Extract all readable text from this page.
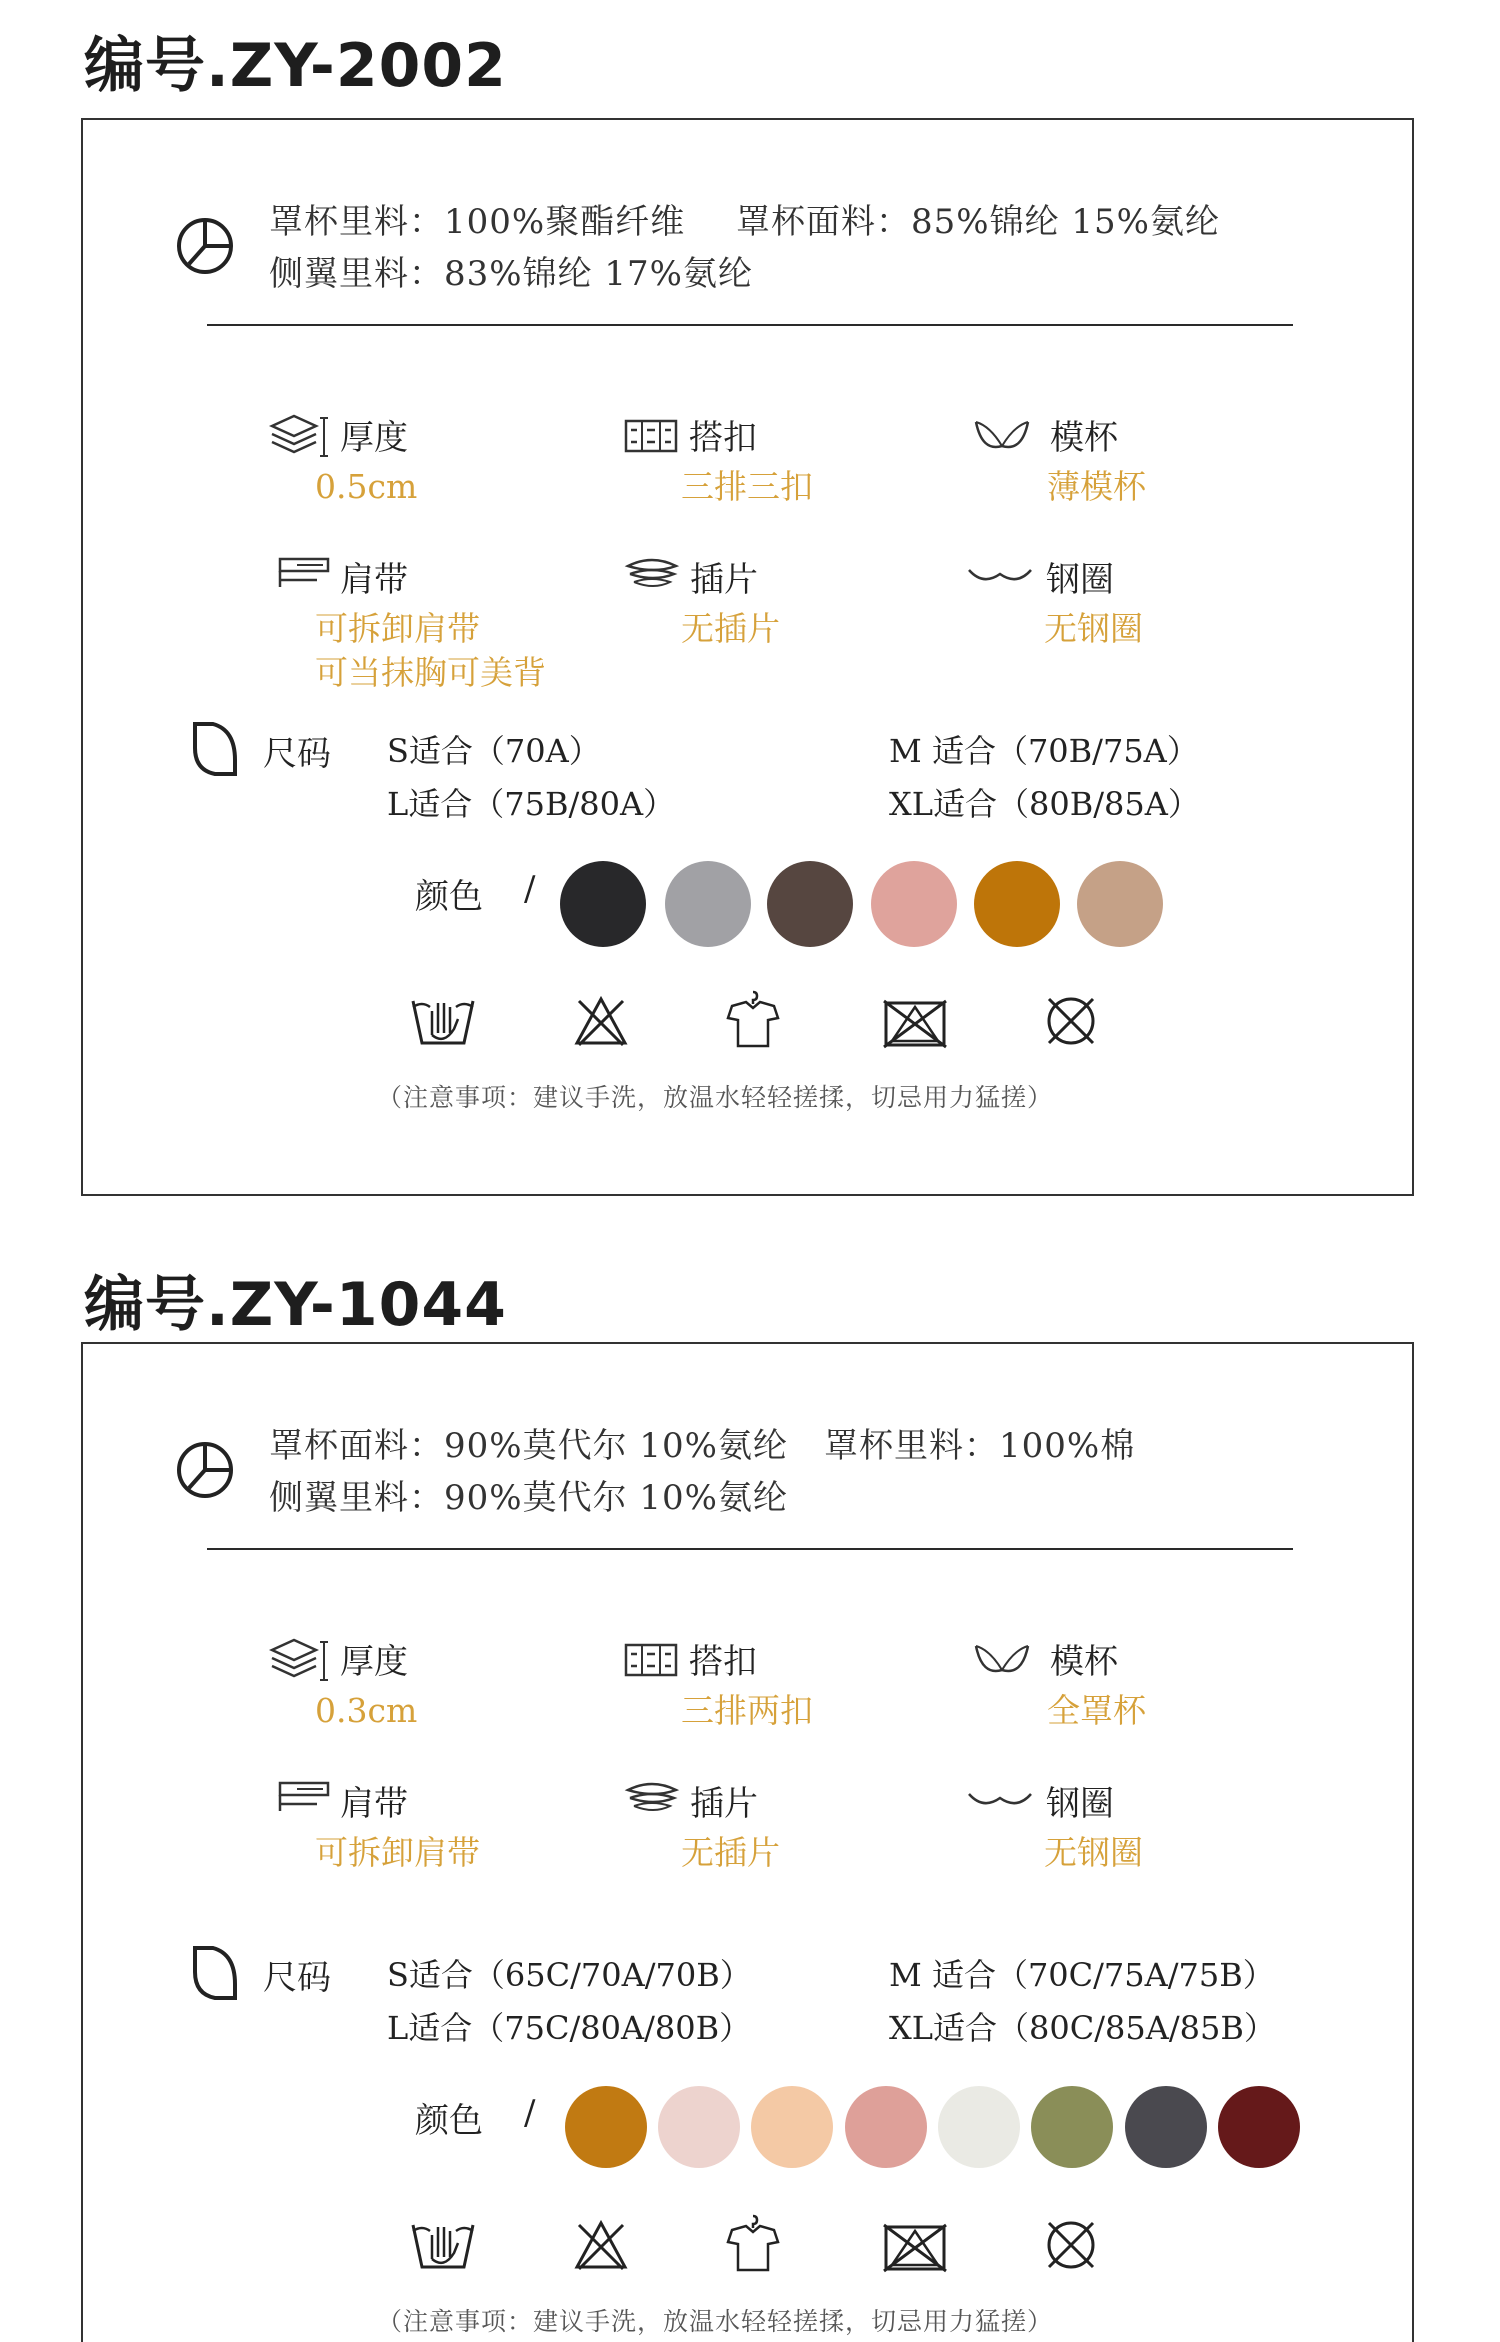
编号.ZY-2002
罩杯里料：100%聚酯纤维 罩杯面料：85%锦纶 15%氨纶
侧翼里料：83%锦纶 17%氨纶
厚度
0.5cm
搭扣
三排三扣
模杯
薄模杯
肩带
可拆卸肩带
可当抹胸可美背
插片
无插片
钢圈
无钢圈
尺码 S适合（70A）	M 适合（70B/75A）
L适合（75B/80A）	XL适合（80B/85A）
颜色 /
（注意事项：建议手洗，放温水轻轻搓揉，切忌用力猛搓）
编号.ZY-1044
罩杯面料：90%莫代尔 10%氨纶 罩杯里料：100%棉
侧翼里料：90%莫代尔 10%氨纶
厚度
0.3cm
搭扣
三排两扣
模杯
全罩杯
肩带
可拆卸肩带
插片
无插片
钢圈
无钢圈
尺码 S适合（65C/70A/70B）	M 适合（70C/75A/75B）
L适合（75C/80A/80B）	XL适合（80C/85A/85B）
颜色 /
（注意事项：建议手洗，放温水轻轻搓揉，切忌用力猛搓）
